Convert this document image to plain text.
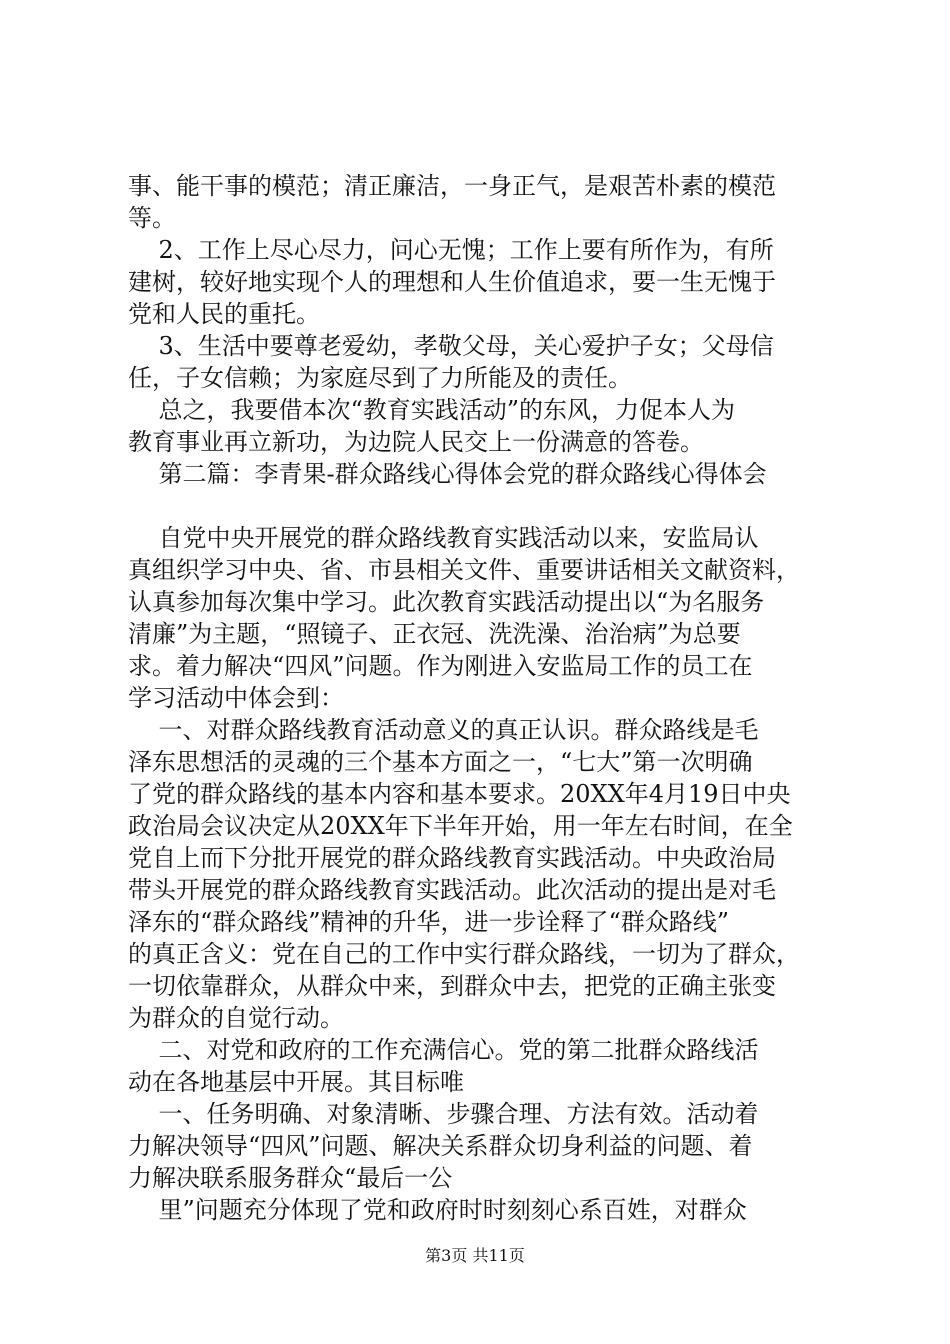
事、能干事的模范；清正廉洁，一身正气，是艰苦朴素的模范
等。
2、工作上尽心尽力，问心无愧；工作上要有所作为，有所
建树，较好地实现个人的理想和人生价值追求，要一生无愧于
党和人民的重托。
3、生活中要尊老爱幼，孝敬父母，关心爱护子女；父母信
任，子女信赖；为家庭尽到了力所能及的责任。
总之，我要借本次“教育实践活动”的东风，力促本人为
教育事业再立新功，为边院人民交上一份满意的答卷。
第二篇：李青果-群众路线心得体会党的群众路线心得体会
自党中央开展党的群众路线教育实践活动以来，安监局认
真组织学习中央、省、市县相关文件、重要讲话相关文献资料，
认真参加每次集中学习。此次教育实践活动提出以“为名服务
清廉”为主题，“照镜子、正衣冠、洗洗澡、治治病”为总要
求。着力解决“四风”问题。作为刚进入安监局工作的员工在
学习活动中体会到：
一、对群众路线教育活动意义的真正认识。群众路线是毛
泽东思想活的灵魂的三个基本方面之一，“七大”第一次明确
了党的群众路线的基本内容和基本要求。20XX年4月19日中央
政治局会议决定从20XX年下半年开始，用一年左右时间，在全
党自上而下分批开展党的群众路线教育实践活动。中央政治局
带头开展党的群众路线教育实践活动。此次活动的提出是对毛
泽东的“群众路线”精神的升华，进一步诠释了“群众路线”
的真正含义：党在自己的工作中实行群众路线，一切为了群众，
一切依靠群众，从群众中来，到群众中去，把党的正确主张变
为群众的自觉行动。
二、对党和政府的工作充满信心。党的第二批群众路线活
动在各地基层中开展。其目标唯
一、任务明确、对象清晰、步骤合理、方法有效。活动着
力解决领导“四风”问题、解决关系群众切身利益的问题、着
力解决联系服务群众“最后一公
里”问题充分体现了党和政府时时刻刻心系百姓，对群众
第3页 共11页
